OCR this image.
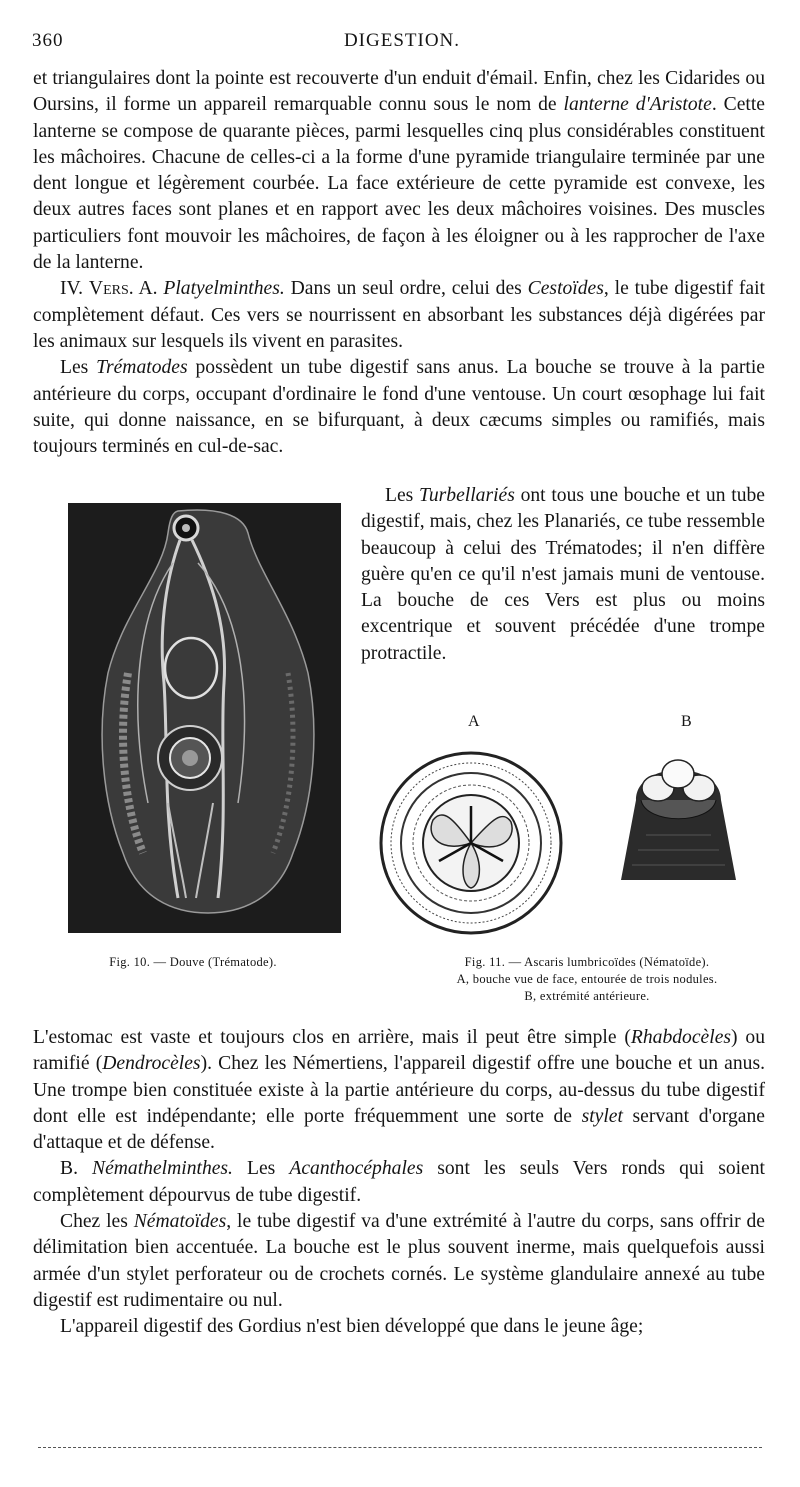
360	DIGESTION.

et triangulaires dont la pointe est recouverte d'un enduit d'émail. Enfin, chez les Cidarides ou Oursins, il forme un appareil remarquable connu sous le nom de lanterne d'Aristote. Cette lanterne se compose de quarante pièces, parmi lesquelles cinq plus considérables constituent les mâchoires. Chacune de celles-ci a la forme d'une pyramide triangulaire terminée par une dent longue et légèrement courbée. La face extérieure de cette pyramide est convexe, les deux autres faces sont planes et en rapport avec les deux mâchoires voisines. Des muscles particuliers font mouvoir les mâchoires, de façon à les éloigner ou à les rapprocher de l'axe de la lanterne.

IV. Vers. A. Platyelminthes. Dans un seul ordre, celui des Cestoïdes, le tube digestif fait complètement défaut. Ces vers se nourrissent en absorbant les substances déjà digérées par les animaux sur lesquels ils vivent en parasites.

Les Trématodes possèdent un tube digestif sans anus. La bouche se trouve à la partie antérieure du corps, occupant d'ordinaire le fond d'une ventouse. Un court œsophage lui fait suite, qui donne naissance, en se bifurquant, à deux cæcums simples ou ramifiés, mais toujours terminés en cul-de-sac.

Les Turbellariés ont tous une bouche et un tube digestif, mais, chez les Planariés, ce tube ressemble beaucoup à celui des Trématodes; il n'en diffère guère qu'en ce qu'il n'est jamais muni de ventouse. La bouche de ces Vers est plus ou moins excentrique et souvent précédée d'une trompe protractile.
Fig. 10. — Douve (Trématode).
A	B
Fig. 11. — Ascaris lumbricoïdes (Nématoïde).
A, bouche vue de face, entourée de trois nodules.
B, extrémité antérieure.

L'estomac est vaste et toujours clos en arrière, mais il peut être simple (Rhabdocèles) ou ramifié (Dendrocèles). Chez les Némertiens, l'appareil digestif offre une bouche et un anus. Une trompe bien constituée existe à la partie antérieure du corps, au-dessus du tube digestif dont elle est indépendante; elle porte fréquemment une sorte de stylet servant d'organe d'attaque et de défense.

B. Némathelminthes. Les Acanthocéphales sont les seuls Vers ronds qui soient complètement dépourvus de tube digestif.

Chez les Nématoïdes, le tube digestif va d'une extrémité à l'autre du corps, sans offrir de délimitation bien accentuée. La bouche est le plus souvent inerme, mais quelquefois aussi armée d'un stylet perforateur ou de crochets cornés. Le système glandulaire annexé au tube digestif est rudimentaire ou nul.

L'appareil digestif des Gordius n'est bien développé que dans le jeune âge;
